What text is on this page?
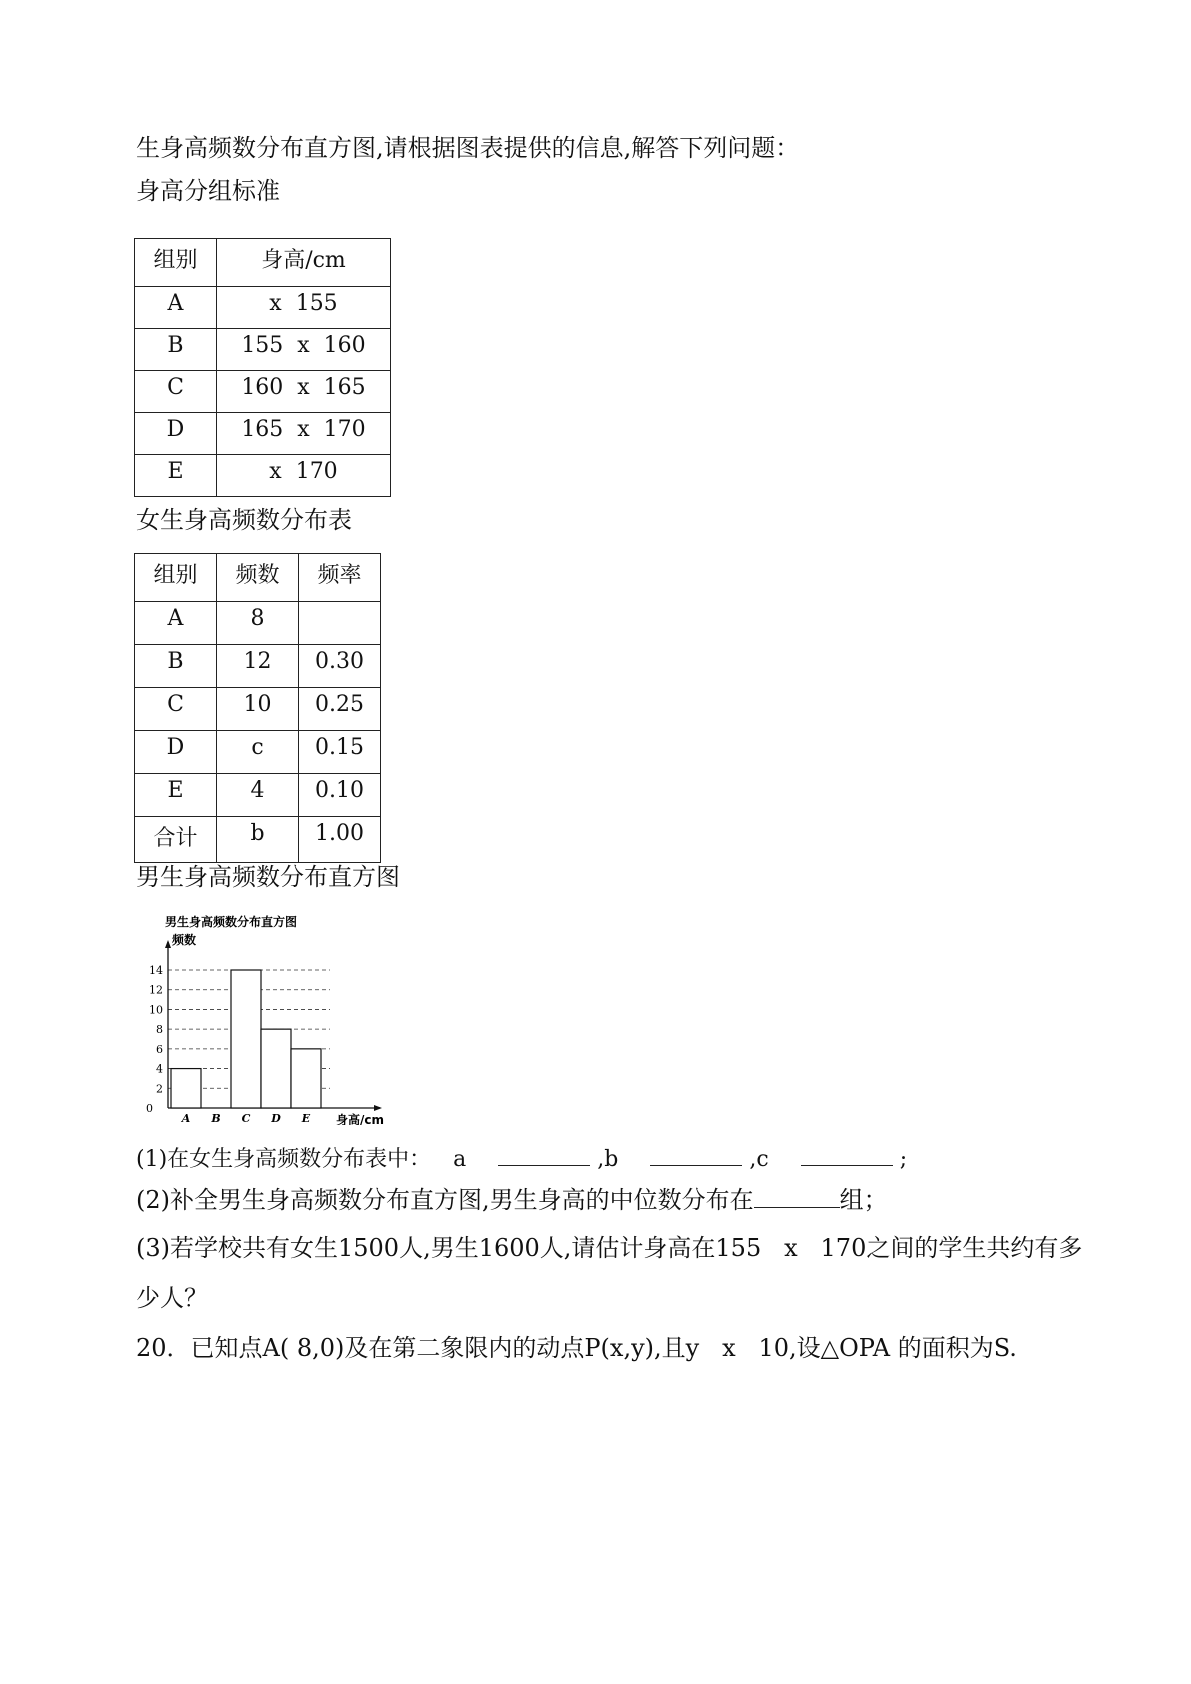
生身高频数分布直方图,请根据图表提供的信息,解答下列问题：
身高分组标准
组别	身高/cm
A	x  155
B	155  x  160
C	160  x  165
D	165  x  170
E	x  170
女生身高频数分布表
组别	频数	频率
A	8	
B	12	0.30
C	10	0.25
D	c	0.15
E	4	0.10
合计	b	1.00
男生身高频数分布直方图
男生身高频数分布直方图
频数
身高/cm
0
2
4
6
8
10
12
14
A B C D E
(1)在女生身高频数分布表中： a	,b	,c	;
(2)补全男生身高频数分布直方图,男生身高的中位数分布在	组；
(3)若学校共有女生1500人,男生1600人,请估计身高在155   x   170之间的学生共约有多
少人？
20．已知点A( 8,0)及在第二象限内的动点P(x,y),且y   x   10,设△OPA 的面积为S.
